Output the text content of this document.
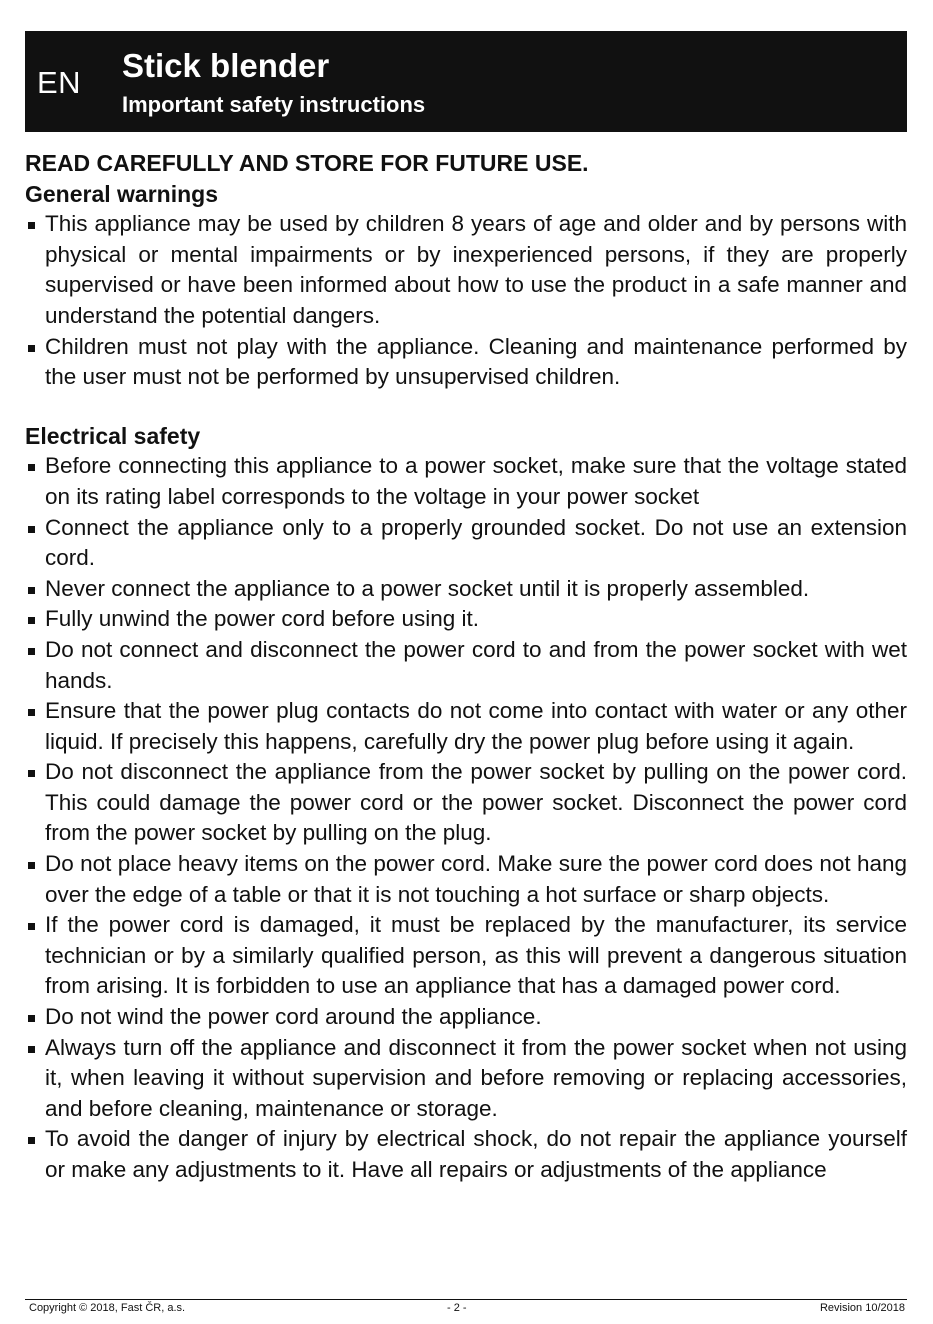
EN Stick blender
Important safety instructions

READ CAREFULLY AND STORE FOR FUTURE USE.

General warnings
This appliance may be used by children 8 years of age and older and by persons with physical or mental impairments or by inexperienced persons, if they are properly supervised or have been informed about how to use the product in a safe manner and understand the potential dangers.
Children must not play with the appliance. Cleaning and maintenance performed by the user must not be performed by unsupervised children.
Electrical safety
Before connecting this appliance to a power socket, make sure that the voltage stated on its rating label corresponds to the voltage in your power socket
Connect the appliance only to a properly grounded socket. Do not use an extension cord.
Never connect the appliance to a power socket until it is properly assembled.
Fully unwind the power cord before using it.
Do not connect and disconnect the power cord to and from the power socket with wet hands.
Ensure that the power plug contacts do not come into contact with water or any other liquid. If precisely this happens, carefully dry the power plug before using it again.
Do not disconnect the appliance from the power socket by pulling on the power cord. This could damage the power cord or the power socket. Disconnect the power cord from the power socket by pulling on the plug.
Do not place heavy items on the power cord. Make sure the power cord does not hang over the edge of a table or that it is not touching a hot surface or sharp objects.
If the power cord is damaged, it must be replaced by the manufacturer, its service technician or by a similarly qualified person, as this will prevent a dangerous situation from arising. It is forbidden to use an appliance that has a damaged power cord.
Do not wind the power cord around the appliance.
Always turn off the appliance and disconnect it from the power socket when not using it, when leaving it without supervision and before removing or replacing accessories, and before cleaning, maintenance or storage.
To avoid the danger of injury by electrical shock, do not repair the appliance yourself or make any adjustments to it. Have all repairs or adjustments of the appliance
Copyright © 2018, Fast ČR, a.s.	- 2 -	Revision 10/2018
